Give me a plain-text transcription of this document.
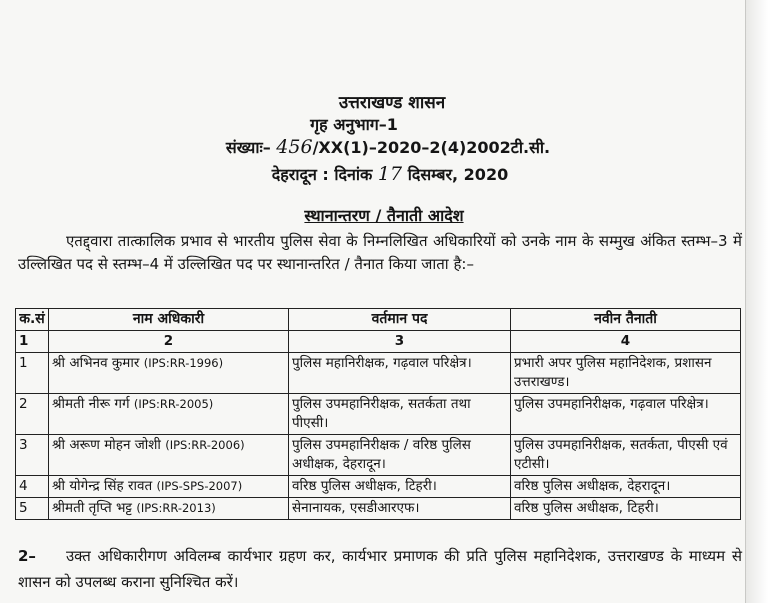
उत्तराखण्ड शासन
गृह अनुभाग–1
संख्याः– 456/XX(1)–2020–2(4)2002टी.सी.
देहरादून : दिनांक 17 दिसम्बर, 2020
स्थानान्तरण / तैनाती आदेश
एतद्द्वारा तात्कालिक प्रभाव से भारतीय पुलिस सेवा के निम्नलिखित अधिकारियों को उनके नाम के सम्मुख अंकित स्तम्भ–3 में उल्लिखित पद से स्तम्भ–4 में उल्लिखित पद पर स्थानान्तरित / तैनात किया जाता है:–
क.सं	नाम अधिकारी	वर्तमान पद	नवीन तैनाती
1	2	3	4
1	श्री अभिनव कुमार (IPS:RR-1996)	पुलिस महानिरीक्षक, गढ़वाल परिक्षेत्र।	प्रभारी अपर पुलिस महानिदेशक, प्रशासन उत्तराखण्ड।
2	श्रीमती नीरू गर्ग (IPS:RR-2005)	पुलिस उपमहानिरीक्षक, सतर्कता तथा पीएसी।	पुलिस उपमहानिरीक्षक, गढ़वाल परिक्षेत्र।
3	श्री अरूण मोहन जोशी (IPS:RR-2006)	पुलिस उपमहानिरीक्षक / वरिष्ठ पुलिस अधीक्षक, देहरादून।	पुलिस उपमहानिरीक्षक, सतर्कता, पीएसी एवं एटीसी।
4	श्री योगेन्द्र सिंह रावत (IPS-SPS-2007)	वरिष्ठ पुलिस अधीक्षक, टिहरी।	वरिष्ठ पुलिस अधीक्षक, देहरादून।
5	श्रीमती तृप्ति भट्ट (IPS:RR-2013)	सेनानायक, एसडीआरएफ।	वरिष्ठ पुलिस अधीक्षक, टिहरी।
2– उक्त अधिकारीगण अविलम्ब कार्यभार ग्रहण कर, कार्यभार प्रमाणक की प्रति पुलिस महानिदेशक, उत्तराखण्ड के माध्यम से शासन को उपलब्ध कराना सुनिश्चित करें।
